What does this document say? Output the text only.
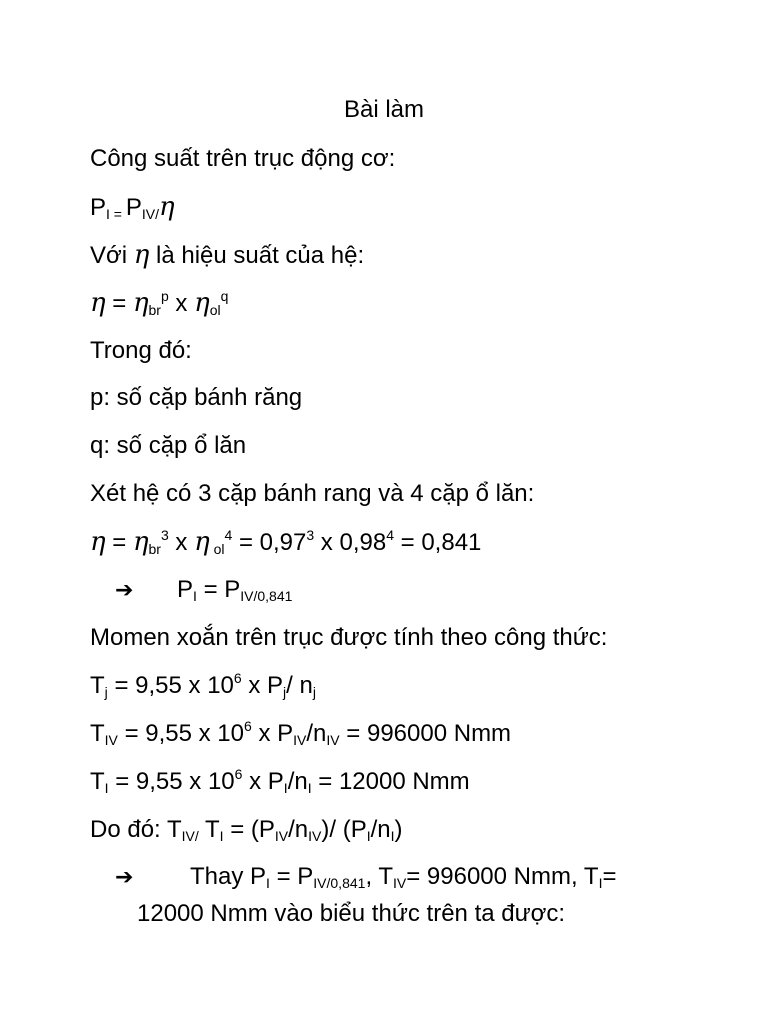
Bài làm
Công suất trên trục động cơ:
$P_{I =}$ $P_{IV/}\eta$
Với η là hiệu suất của hệ:
$\eta = \eta_{br}^p$ x $\eta_{ol}^q$
Trong đó:
p: số cặp bánh răng
q: số cặp ổ lăn
Xét hệ có 3 cặp bánh rang và 4 cặp ổ lăn:
$\eta = \eta_{br}^3$ x η $_{ol}^4 = 0,97^3$ x $0,98^4 = 0,841$
➔ $P_I = P_{IV/0,841}$
Momen xoắn trên trục được tính theo công thức:
$T_j = 9,55$ x $10^6$ x $P_j/$ $n_j$
$T_{IV} = 9,55$ x $10^6$ x $P_{IV}/n_{IV} = 996000$ Nmm
$T_I = 9,55$ x $10^6$ x $P_I/n_I = 12000$ Nmm
Do đó: $T_{IV/}$ $T_I = (P_{IV}/n_{IV})/$ $(P_I/n_I)$
➔ Thay $P_I = P_{IV/0,841}$, $T_{IV}= 996000$ Nmm, $T_I=$
12000 Nmm vào biểu thức trên ta được:
